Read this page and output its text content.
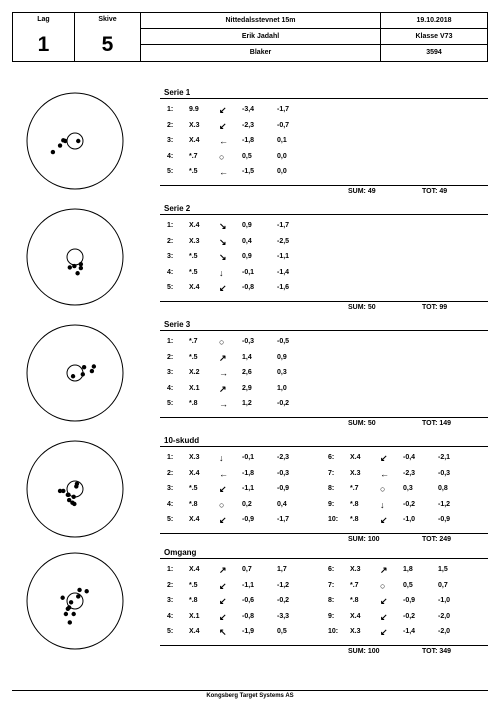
Lag
1
Skive
5
Nittedalsstevnet 15m
Erik Jadahl
Blaker
19.10.2018
Klasse V73
3594
Serie 1
1: 9.9 ↙ -3,4	-1,7
2: X.3 ↙ -2,3	-0,7
3: X.4 ← -1,8	0,1
4: *.7 ○	0,5	0,0
5: *.5 ← -1,5	0,0
SUM: 49	TOT: 49
Serie 2
1: X.4 ↘ 0,9	-1,7
2: X.3 ↘ 0,4	-2,5
3: *.5 ↘ 0,9	-1,1
4: *.5 ↓	-0,1	-1,4
5: X.4 ↙ -0,8	-1,6
SUM: 50	TOT: 99
Serie 3
1: *.7 ○	-0,3	-0,5
2: *.5 ↗ 1,4	0,9
3: X.2 → 2,6	0,3
4: X.1 ↗ 2,9	1,0
5: *.8 → 1,2	-0,2
SUM: 50	TOT: 149
10-skudd
1: X.3 ↓	-0,1	-2,3
2: X.4 ← -1,8	-0,3
3: *.5 ↙ -1,1	-0,9
4: *.8 ○	0,2	0,4
5: X.4 ↙ -0,9	-1,7
6: X.4 ↙ -0,4	-2,1
7: X.3 ← -2,3	-0,3
8: *.7 ○	0,3	0,8
9: *.8 ↓	-0,2	-1,2
10: *.8 ↙ -1,0	-0,9
SUM: 100	TOT: 249
Omgang
1: X.4 ↗ 0,7	1,7
2: *.5 ↙ -1,1	-1,2
3: *.8 ↙ -0,6	-0,2
4: X.1 ↙ -0,8	-3,3
5: X.4 ↖ -1,9	0,5
6: X.3 ↗ 1,8	1,5
7: *.7 ○	0,5	0,7
8: *.8 ↙ -0,9	-1,0
9: X.4 ↙ -0,2	-2,0
10: X.3 ↙ -1,4	-2,0
SUM: 100	TOT: 349
Kongsberg Target Systems AS
